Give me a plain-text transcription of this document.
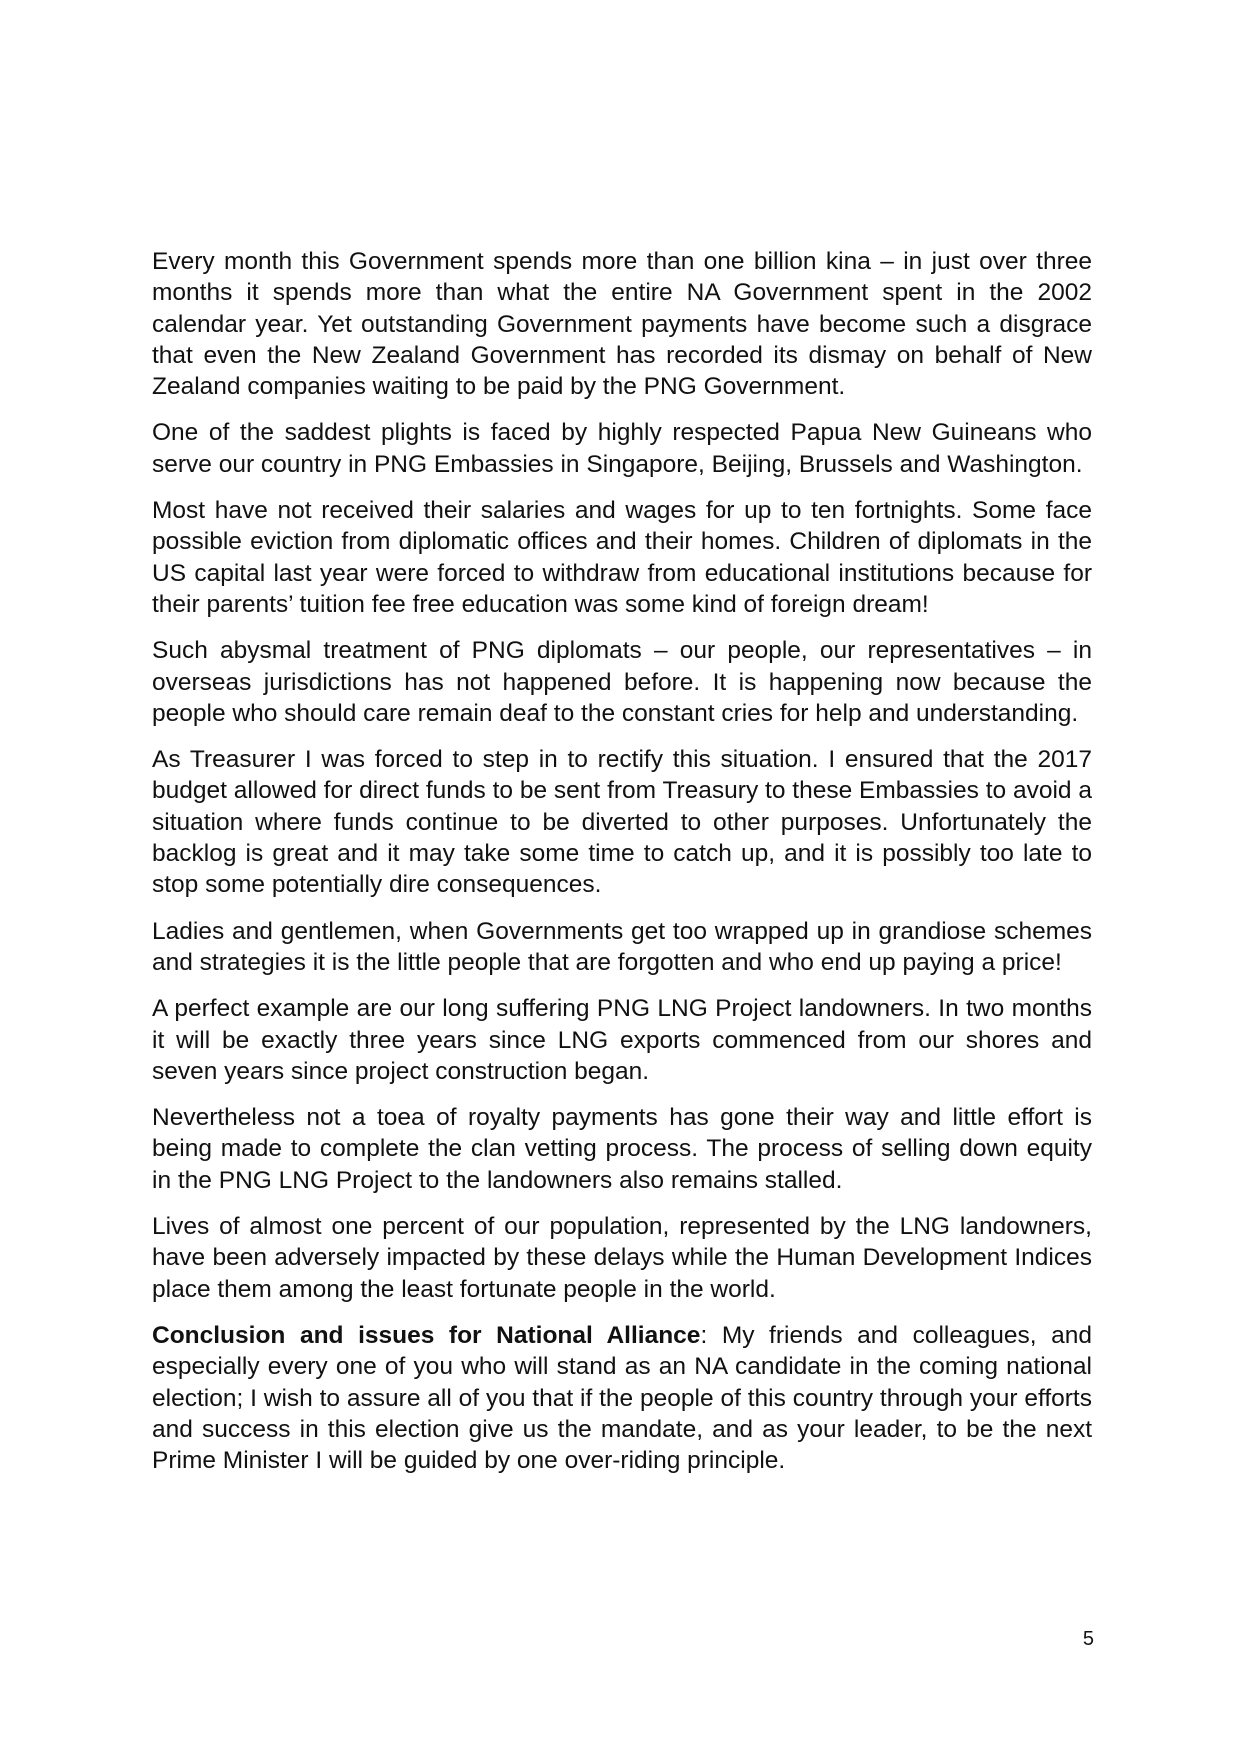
Every month this Government spends more than one billion kina – in just over three months it spends more than what the entire NA Government spent in the 2002 calendar year. Yet outstanding Government payments have become such a disgrace that even the New Zealand Government has recorded its dismay on behalf of New Zealand companies waiting to be paid by the PNG Government.

One of the saddest plights is faced by highly respected Papua New Guineans who serve our country in PNG Embassies in Singapore, Beijing, Brussels and Washington.

Most have not received their salaries and wages for up to ten fortnights. Some face possible eviction from diplomatic offices and their homes. Children of diplomats in the US capital last year were forced to withdraw from educational institutions because for their parents’ tuition fee free education was some kind of foreign dream!

Such abysmal treatment of PNG diplomats – our people, our representatives – in overseas jurisdictions has not happened before. It is happening now because the people who should care remain deaf to the constant cries for help and understanding.

As Treasurer I was forced to step in to rectify this situation. I ensured that the 2017 budget allowed for direct funds to be sent from Treasury to these Embassies to avoid a situation where funds continue to be diverted to other purposes. Unfortunately the backlog is great and it may take some time to catch up, and it is possibly too late to stop some potentially dire consequences.

Ladies and gentlemen, when Governments get too wrapped up in grandiose schemes and strategies it is the little people that are forgotten and who end up paying a price!

A perfect example are our long suffering PNG LNG Project landowners. In two months it will be exactly three years since LNG exports commenced from our shores and seven years since project construction began.

Nevertheless not a toea of royalty payments has gone their way and little effort is being made to complete the clan vetting process. The process of selling down equity in the PNG LNG Project to the landowners also remains stalled.

Lives of almost one percent of our population, represented by the LNG landowners, have been adversely impacted by these delays while the Human Development Indices place them among the least fortunate people in the world.

Conclusion and issues for National Alliance: My friends and colleagues, and especially every one of you who will stand as an NA candidate in the coming national election; I wish to assure all of you that if the people of this country through your efforts and success in this election give us the mandate, and as your leader, to be the next Prime Minister I will be guided by one over-riding principle.

5
